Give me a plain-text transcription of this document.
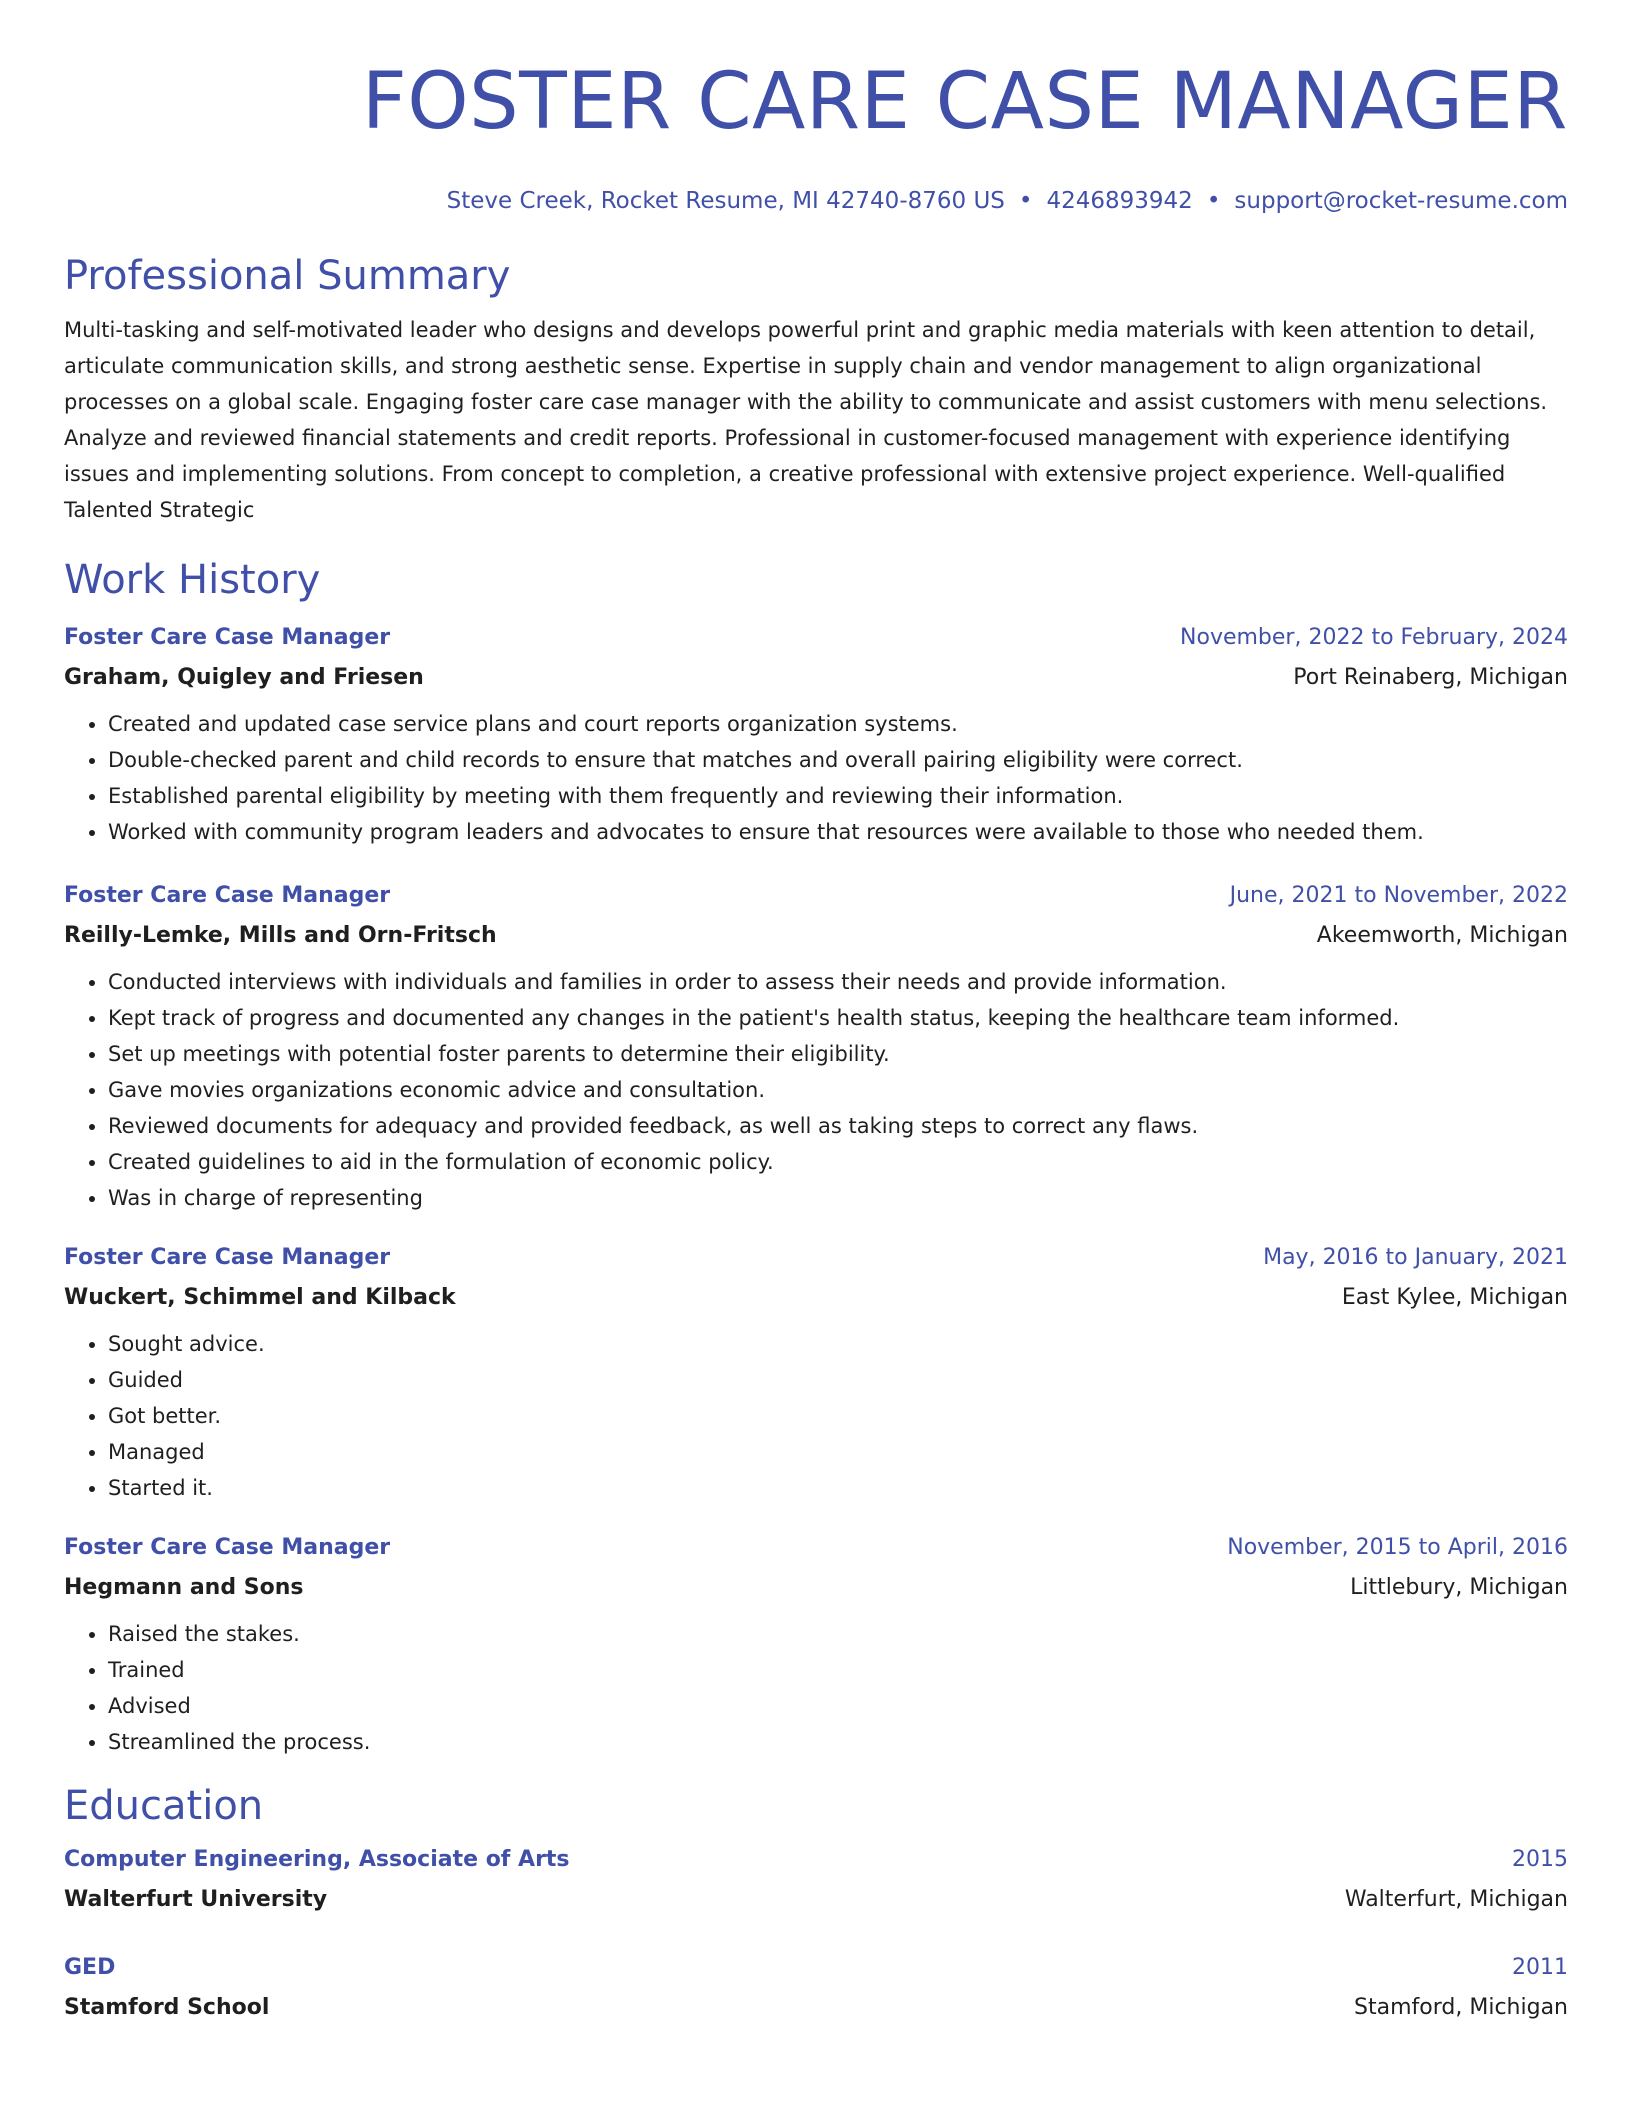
FOSTER CARE CASE MANAGER
Steve Creek, Rocket Resume, MI 42740-8760 US • 4246893942 • support@rocket-resume.com
Professional Summary
Multi-tasking and self-motivated leader who designs and develops powerful print and graphic media materials with keen attention to detail, articulate communication skills, and strong aesthetic sense. Expertise in supply chain and vendor management to align organizational processes on a global scale. Engaging foster care case manager with the ability to communicate and assist customers with menu selections. Analyze and reviewed financial statements and credit reports. Professional in customer-focused management with experience identifying issues and implementing solutions. From concept to completion, a creative professional with extensive project experience. Well-qualified Talented Strategic
Work History
Foster Care Case Manager	November, 2022 to February, 2024
Graham, Quigley and Friesen	Port Reinaberg, Michigan
• Created and updated case service plans and court reports organization systems.
• Double-checked parent and child records to ensure that matches and overall pairing eligibility were correct.
• Established parental eligibility by meeting with them frequently and reviewing their information.
• Worked with community program leaders and advocates to ensure that resources were available to those who needed them.
Foster Care Case Manager	June, 2021 to November, 2022
Reilly-Lemke, Mills and Orn-Fritsch	Akeemworth, Michigan
• Conducted interviews with individuals and families in order to assess their needs and provide information.
• Kept track of progress and documented any changes in the patient's health status, keeping the healthcare team informed.
• Set up meetings with potential foster parents to determine their eligibility.
• Gave movies organizations economic advice and consultation.
• Reviewed documents for adequacy and provided feedback, as well as taking steps to correct any flaws.
• Created guidelines to aid in the formulation of economic policy.
• Was in charge of representing
Foster Care Case Manager	May, 2016 to January, 2021
Wuckert, Schimmel and Kilback	East Kylee, Michigan
• Sought advice.
• Guided
• Got better.
• Managed
• Started it.
Foster Care Case Manager	November, 2015 to April, 2016
Hegmann and Sons	Littlebury, Michigan
• Raised the stakes.
• Trained
• Advised
• Streamlined the process.
Education
Computer Engineering, Associate of Arts	2015
Walterfurt University	Walterfurt, Michigan
GED	2011
Stamford School	Stamford, Michigan
